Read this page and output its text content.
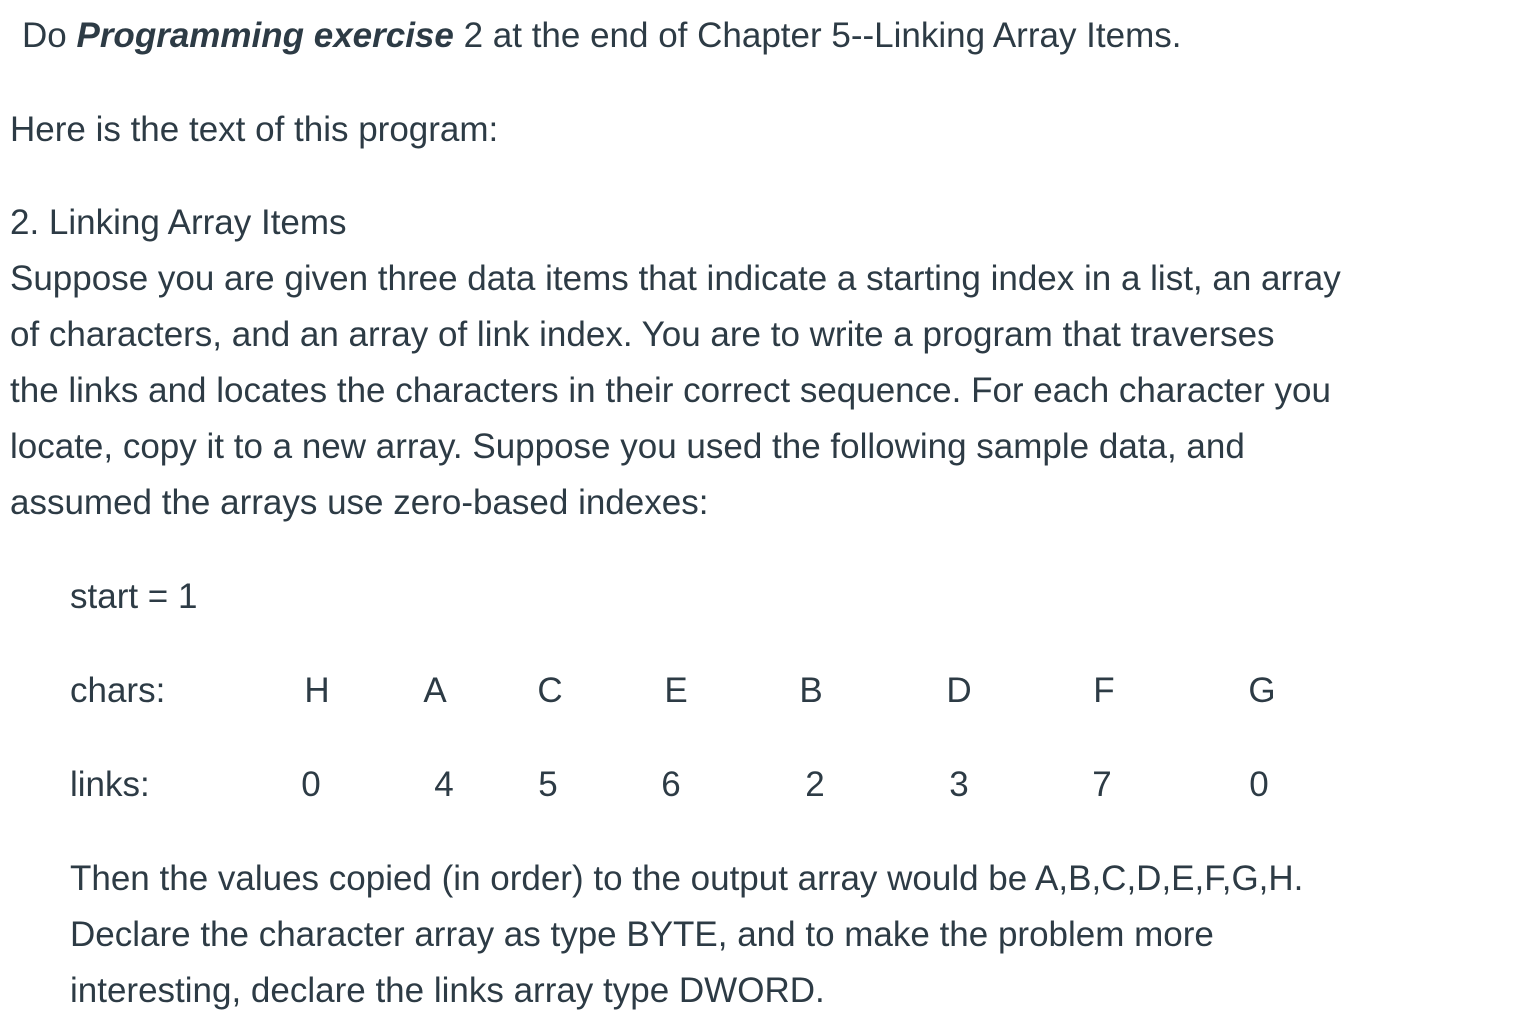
Do Programming exercise 2 at the end of Chapter 5--Linking Array Items.
Here is the text of this program:
2. Linking Array Items
Suppose you are given three data items that indicate a starting index in a list, an array
of characters, and an array of link index. You are to write a program that traverses
the links and locates the characters in their correct sequence. For each character you
locate, copy it to a new array. Suppose you used the following sample data, and
assumed the arrays use zero-based indexes:
start = 1
chars:	H	A	C	E	B	D	F	G
links:	0	4	5	6	2	3	7	0
Then the values copied (in order) to the output array would be A,B,C,D,E,F,G,H.
Declare the character array as type BYTE, and to make the problem more
interesting, declare the links array type DWORD.
